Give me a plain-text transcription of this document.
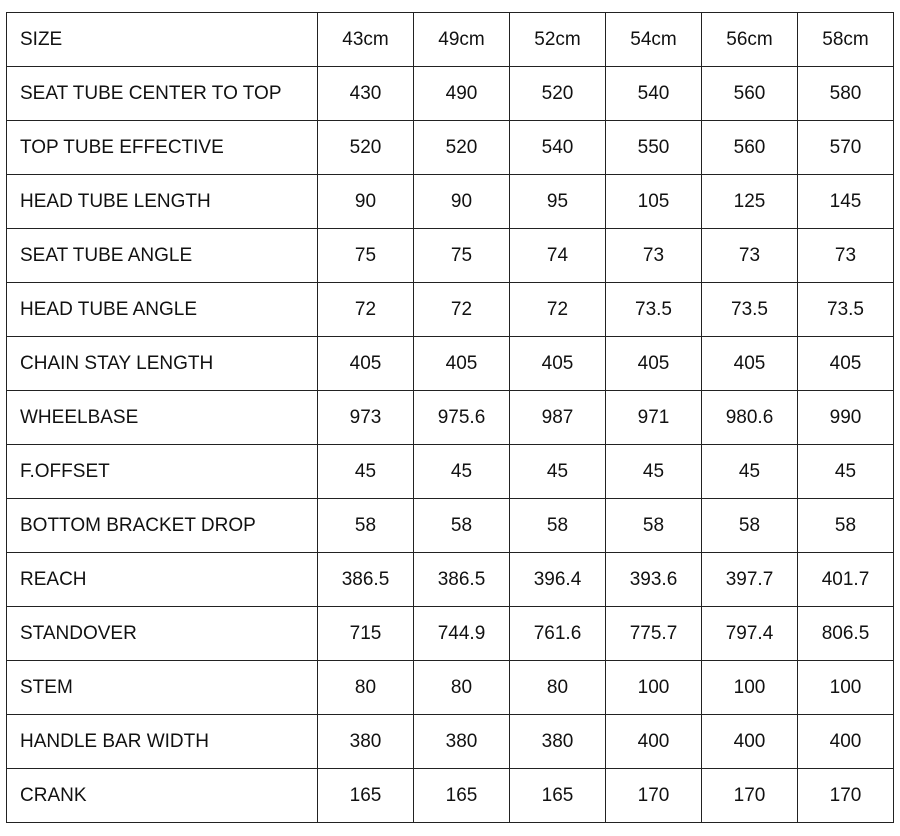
SIZE	43cm	49cm	52cm	54cm	56cm	58cm
SEAT TUBE CENTER TO TOP	430	490	520	540	560	580
TOP TUBE EFFECTIVE	520	520	540	550	560	570
HEAD TUBE LENGTH	90	90	95	105	125	145
SEAT TUBE ANGLE	75	75	74	73	73	73
HEAD TUBE ANGLE	72	72	72	73.5	73.5	73.5
CHAIN STAY LENGTH	405	405	405	405	405	405
WHEELBASE	973	975.6	987	971	980.6	990
F.OFFSET	45	45	45	45	45	45
BOTTOM BRACKET DROP	58	58	58	58	58	58
REACH	386.5	386.5	396.4	393.6	397.7	401.7
STANDOVER	715	744.9	761.6	775.7	797.4	806.5
STEM	80	80	80	100	100	100
HANDLE BAR WIDTH	380	380	380	400	400	400
CRANK	165	165	165	170	170	170
